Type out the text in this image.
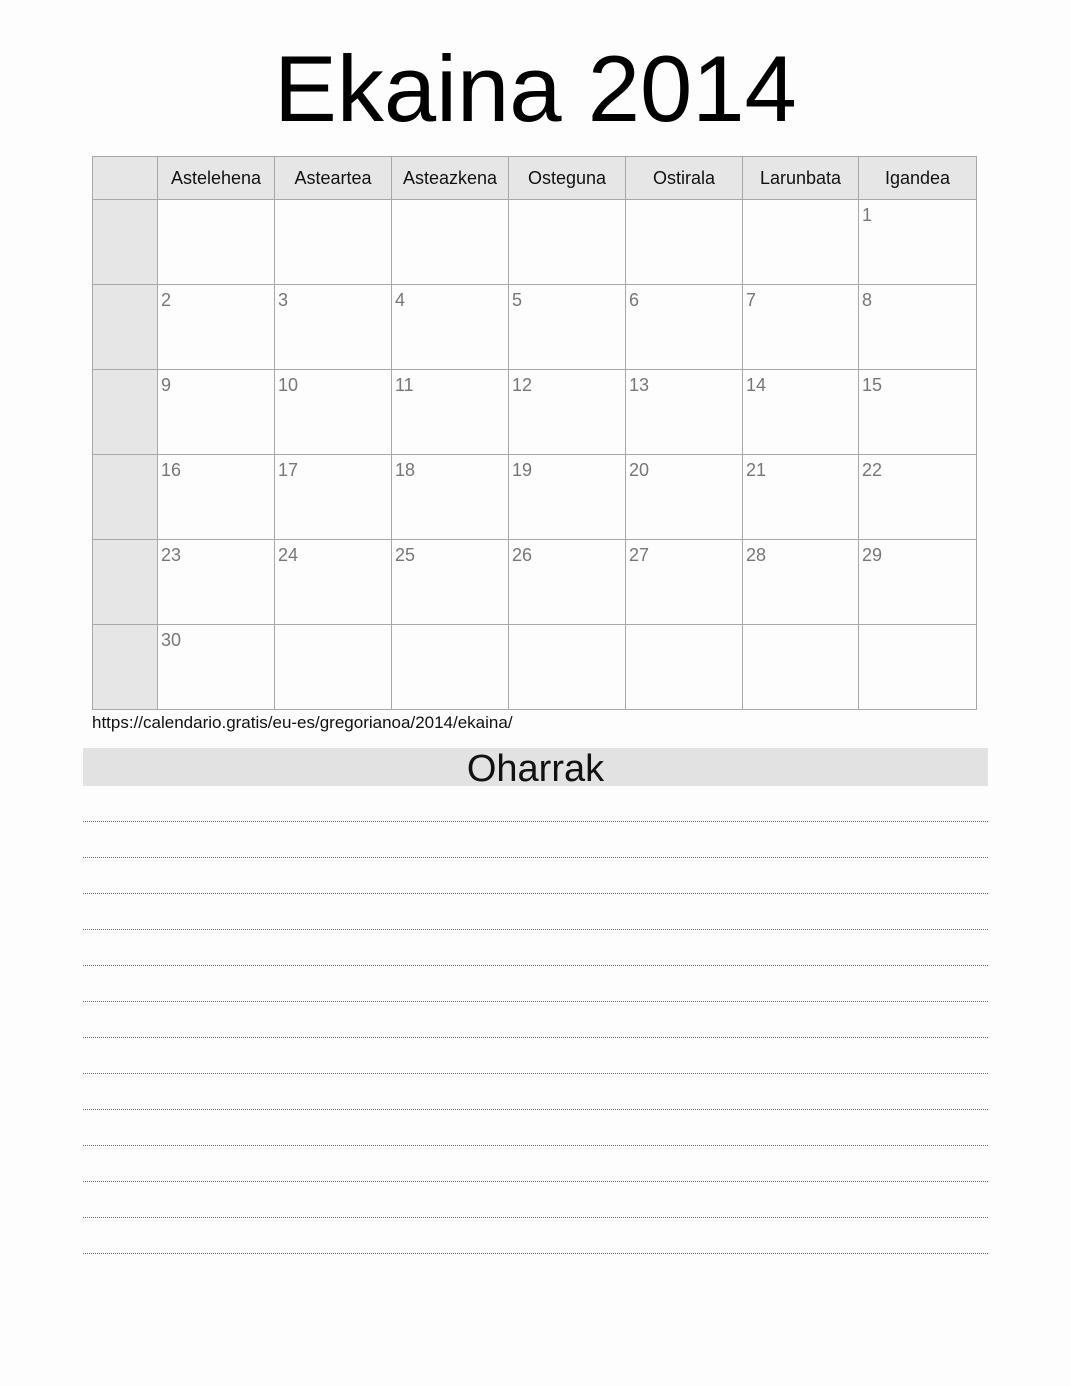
Ekaina 2014
	Astelehena	Asteartea	Asteazkena	Osteguna	Ostirala	Larunbata	Igandea

							1

	2	3	4	5	6	7	8

	9	10	11	12	13	14	15

	16	17	18	19	20	21	22

	23	24	25	26	27	28	29

	30						

https://calendario.gratis/eu-es/gregorianoa/2014/ekaina/
Oharrak
